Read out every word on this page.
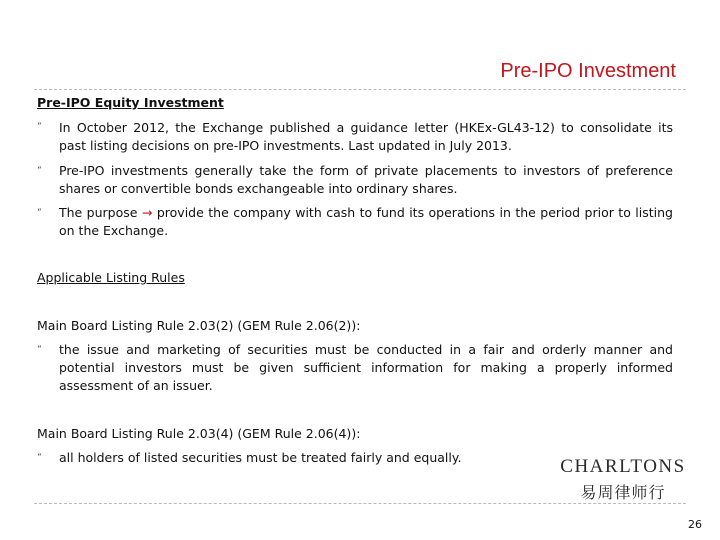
Pre-IPO Investment
Pre-IPO Equity Investment
“ In October 2012, the Exchange published a guidance letter (HKEx-GL43-12) to consolidate its past listing decisions on pre-IPO investments. Last updated in July 2013.
“ Pre-IPO investments generally take the form of private placements to investors of preference shares or convertible bonds exchangeable into ordinary shares.
“ The purpose → provide the company with cash to fund its operations in the period prior to listing on the Exchange.
Applicable Listing Rules
Main Board Listing Rule 2.03(2) (GEM Rule 2.06(2)):
“ the issue and marketing of securities must be conducted in a fair and orderly manner and potential investors must be given sufficient information for making a properly informed assessment of an issuer.
Main Board Listing Rule 2.03(4) (GEM Rule 2.06(4)):
“ all holders of listed securities must be treated fairly and equally.	CHARLTONS
易周律师行
26
